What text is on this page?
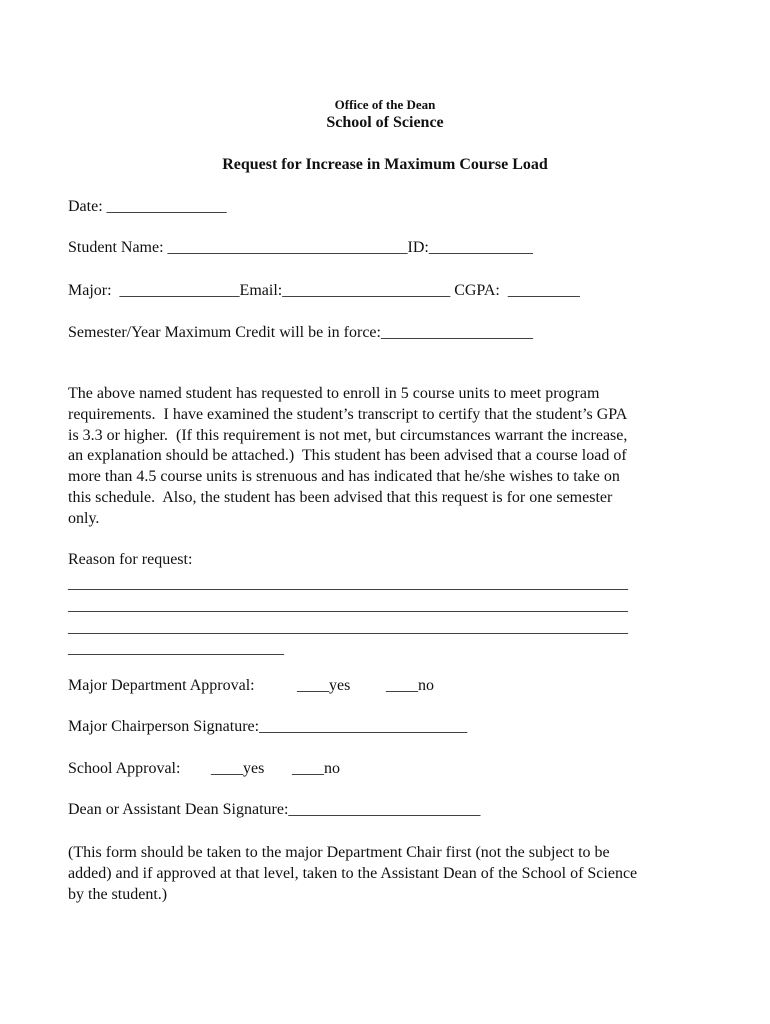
Office of the Dean
School of Science
Request for Increase in Maximum Course Load
Date: _______________
Student Name: ______________________________ID:_____________
Major:  _______________Email:_____________________ CGPA:  _________
Semester/Year Maximum Credit will be in force:___________________
The above named student has requested to enroll in 5 course units to meet program
requirements.  I have examined the student’s transcript to certify that the student’s GPA
is 3.3 or higher.  (If this requirement is not met, but circumstances warrant the increase,
an explanation should be attached.)  This student has been advised that a course load of
more than 4.5 course units is strenuous and has indicated that he/she wishes to take on
this schedule.  Also, the student has been advised that this request is for one semester
only.
Reason for request:
______________________________________________________________________
______________________________________________________________________
______________________________________________________________________
___________________________
Major Department Approval:	____yes ____no
Major Chairperson Signature:__________________________
School Approval: ____yes ____no
Dean or Assistant Dean Signature:________________________
(This form should be taken to the major Department Chair first (not the subject to be
added) and if approved at that level, taken to the Assistant Dean of the School of Science
by the student.)
